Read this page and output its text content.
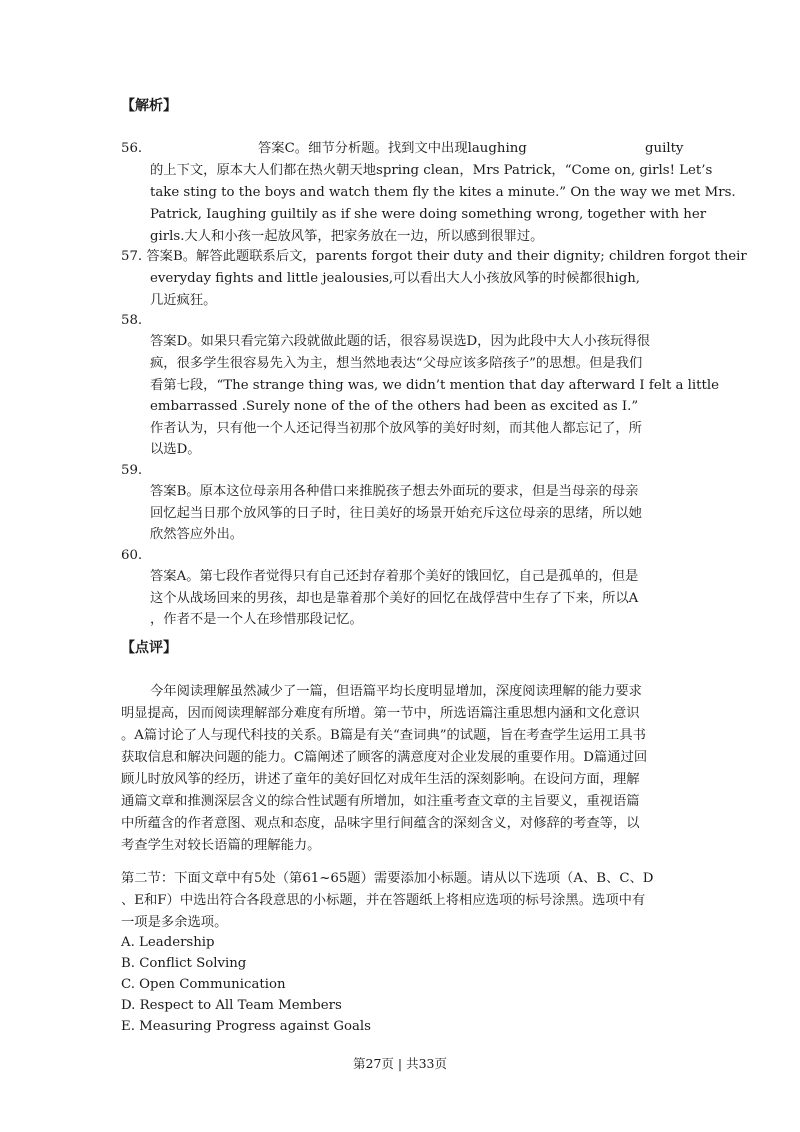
【解析】
56.	答案C。细节分析题。找到文中出现laughing	guilty
的上下文，原本大人们都在热火朝天地spring clean，Mrs Patrick，“Come on, girls! Let’s
take sting to the boys and watch them fly the kites a minute.” On the way we met Mrs.
Patrick, Iaughing guiltily as if she were doing something wrong, together with her
girls.大人和小孩一起放风筝，把家务放在一边，所以感到很罪过。
57. 答案B。解答此题联系后文，parents forgot their duty and their dignity; children forgot their
everyday fights and little jealousies,可以看出大人小孩放风筝的时候都很high,
几近疯狂。
58.
答案D。如果只看完第六段就做此题的话，很容易误选D，因为此段中大人小孩玩得很
疯，很多学生很容易先入为主，想当然地表达“父母应该多陪孩子”的思想。但是我们
看第七段，“The strange thing was, we didn’t mention that day afterward I felt a little
embarrassed .Surely none of the of the others had been as excited as I.”
作者认为，只有他一个人还记得当初那个放风筝的美好时刻，而其他人都忘记了，所
以选D。
59.
答案B。原本这位母亲用各种借口来推脱孩子想去外面玩的要求，但是当母亲的母亲
回忆起当日那个放风筝的日子时，往日美好的场景开始充斥这位母亲的思绪，所以她
欣然答应外出。
60.
答案A。第七段作者觉得只有自己还封存着那个美好的饿回忆，自己是孤单的，但是
这个从战场回来的男孩，却也是靠着那个美好的回忆在战俘营中生存了下来，所以A
，作者不是一个人在珍惜那段记忆。
【点评】
今年阅读理解虽然减少了一篇，但语篇平均长度明显增加，深度阅读理解的能力要求
明显提高，因而阅读理解部分难度有所增。第一节中，所选语篇注重思想内涵和文化意识
。A篇讨论了人与现代科技的关系。B篇是有关“查词典”的试题，旨在考查学生运用工具书
获取信息和解决问题的能力。C篇阐述了顾客的满意度对企业发展的重要作用。D篇通过回
顾儿时放风筝的经历，讲述了童年的美好回忆对成年生活的深刻影响。在设问方面，理解
通篇文章和推测深层含义的综合性试题有所增加，如注重考查文章的主旨要义，重视语篇
中所蕴含的作者意图、观点和态度，品味字里行间蕴含的深刻含义，对修辞的考查等，以
考查学生对较长语篇的理解能力。
第二节：下面文章中有5处（第61~65题）需要添加小标题。请从以下选项（A、B、C、D
、E和F）中选出符合各段意思的小标题，并在答题纸上将相应选项的标号涂黑。选项中有
一项是多余选项。
A. Leadership
B. Conflict Solving
C. Open Communication
D. Respect to All Team Members
E. Measuring Progress against Goals
第27页 | 共33页
